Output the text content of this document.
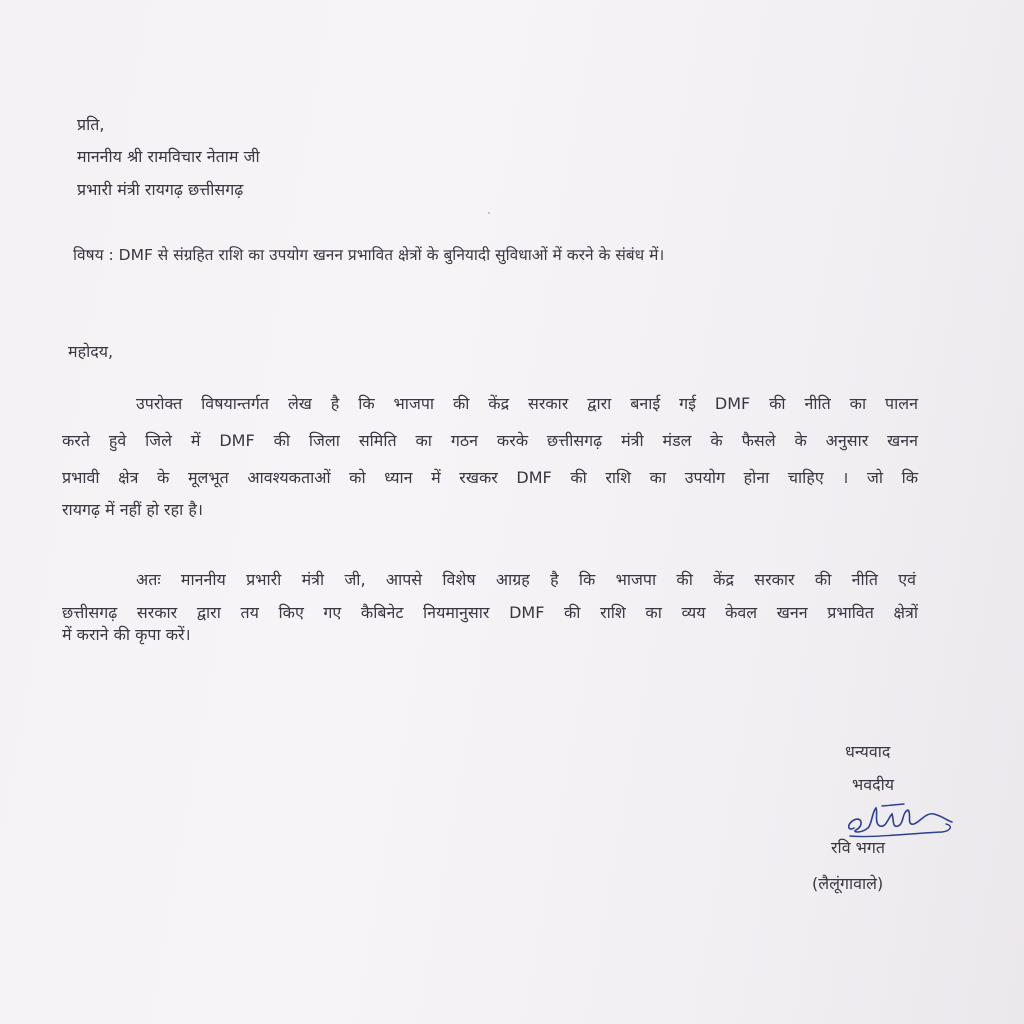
प्रति,
माननीय श्री रामविचार नेताम जी
प्रभारी मंत्री रायगढ़ छत्तीसगढ़
विषय : DMF से संग्रहित राशि का उपयोग खनन प्रभावित क्षेत्रों के बुनियादी सुविधाओं में करने के संबंध में।
महोदय,
उपरोक्त विषयान्तर्गत लेख है कि भाजपा की केंद्र सरकार द्वारा बनाई गई DMF की नीति का पालन
करते हुवे जिले में DMF की जिला समिति का गठन करके छत्तीसगढ़ मंत्री मंडल के फैसले के अनुसार खनन
प्रभावी क्षेत्र के मूलभूत आवश्यकताओं को ध्यान में रखकर DMF की राशि का उपयोग होना चाहिए । जो कि
रायगढ़ में नहीं हो रहा है।
अतः माननीय प्रभारी मंत्री जी, आपसे विशेष आग्रह है कि भाजपा की केंद्र सरकार की नीति एवं
छत्तीसगढ़ सरकार द्वारा तय किए गए कैबिनेट नियमानुसार DMF की राशि का व्यय केवल खनन प्रभावित क्षेत्रों
में कराने की कृपा करें।
धन्यवाद
भवदीय
रवि भगत
(लैलूंगावाले)
